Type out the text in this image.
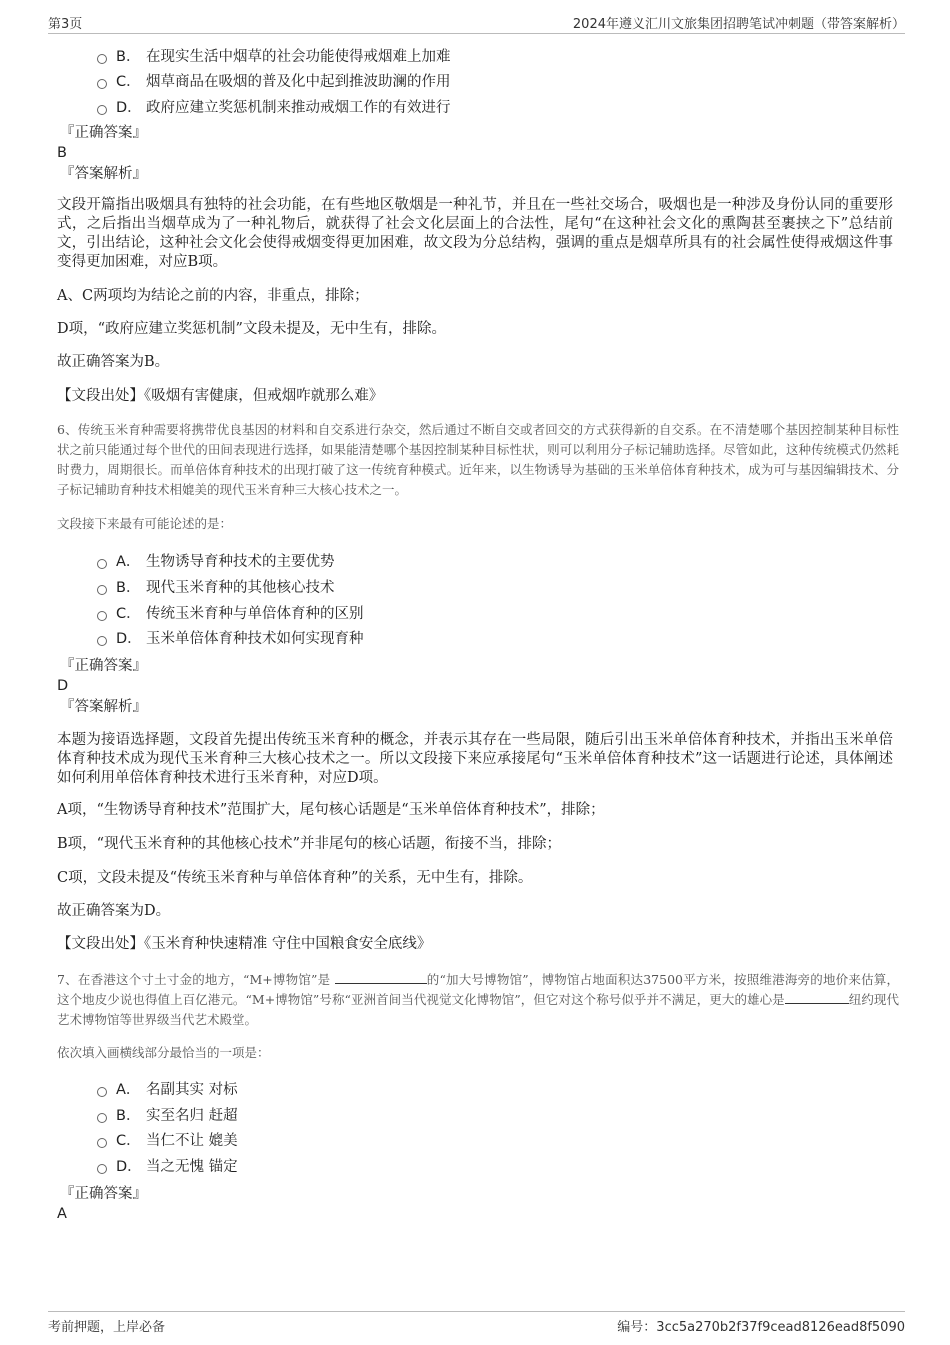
第3页	2024年遵义汇川文旅集团招聘笔试冲刺题（带答案解析）
B． 在现实生活中烟草的社会功能使得戒烟难上加难
C． 烟草商品在吸烟的普及化中起到推波助澜的作用
D． 政府应建立奖惩机制来推动戒烟工作的有效进行
『正确答案』
B
『答案解析』
文段开篇指出吸烟具有独特的社会功能，在有些地区敬烟是一种礼节，并且在一些社交场合，吸烟也是一种涉及身份认同的重要形式，之后指出当烟草成为了一种礼物后，就获得了社会文化层面上的合法性，尾句“在这种社会文化的熏陶甚至裹挟之下”总结前文，引出结论，这种社会文化会使得戒烟变得更加困难，故文段为分总结构，强调的重点是烟草所具有的社会属性使得戒烟这件事变得更加困难，对应B项。
A、C两项均为结论之前的内容，非重点，排除；
D项，“政府应建立奖惩机制”文段未提及，无中生有，排除。
故正确答案为B。
【文段出处】《吸烟有害健康，但戒烟咋就那么难》
6、传统玉米育种需要将携带优良基因的材料和自交系进行杂交，然后通过不断自交或者回交的方式获得新的自交系。在不清楚哪个基因控制某种目标性状之前只能通过每个世代的田间表现进行选择，如果能清楚哪个基因控制某种目标性状，则可以利用分子标记辅助选择。尽管如此，这种传统模式仍然耗时费力，周期很长。而单倍体育种技术的出现打破了这一传统育种模式。近年来，以生物诱导为基础的玉米单倍体育种技术，成为可与基因编辑技术、分子标记辅助育种技术相媲美的现代玉米育种三大核心技术之一。
文段接下来最有可能论述的是：
A． 生物诱导育种技术的主要优势
B． 现代玉米育种的其他核心技术
C． 传统玉米育种与单倍体育种的区别
D． 玉米单倍体育种技术如何实现育种
『正确答案』
D
『答案解析』
本题为接语选择题，文段首先提出传统玉米育种的概念，并表示其存在一些局限，随后引出玉米单倍体育种技术，并指出玉米单倍体育种技术成为现代玉米育种三大核心技术之一。所以文段接下来应承接尾句“玉米单倍体育种技术”这一话题进行论述，具体阐述如何利用单倍体育种技术进行玉米育种，对应D项。
A项，“生物诱导育种技术”范围扩大，尾句核心话题是“玉米单倍体育种技术”，排除；
B项，“现代玉米育种的其他核心技术”并非尾句的核心话题，衔接不当，排除；
C项，文段未提及“传统玉米育种与单倍体育种”的关系，无中生有，排除。
故正确答案为D。
【文段出处】《玉米育种快速精准 守住中国粮食安全底线》
7、在香港这个寸土寸金的地方，“M+博物馆”是	的“加大号博物馆”，博物馆占地面积达37500平方米，按照维港海旁的地价来估算，这个地皮少说也得值上百亿港元。“M+博物馆”号称“亚洲首间当代视觉文化博物馆”，但它对这个称号似乎并不满足，更大的雄心是	纽约现代艺术博物馆等世界级当代艺术殿堂。
依次填入画横线部分最恰当的一项是：
A． 名副其实 对标
B． 实至名归 赶超
C． 当仁不让 媲美
D． 当之无愧 锚定
『正确答案』
A
考前押题，上岸必备	编号：3cc5a270b2f37f9cead8126ead8f5090
